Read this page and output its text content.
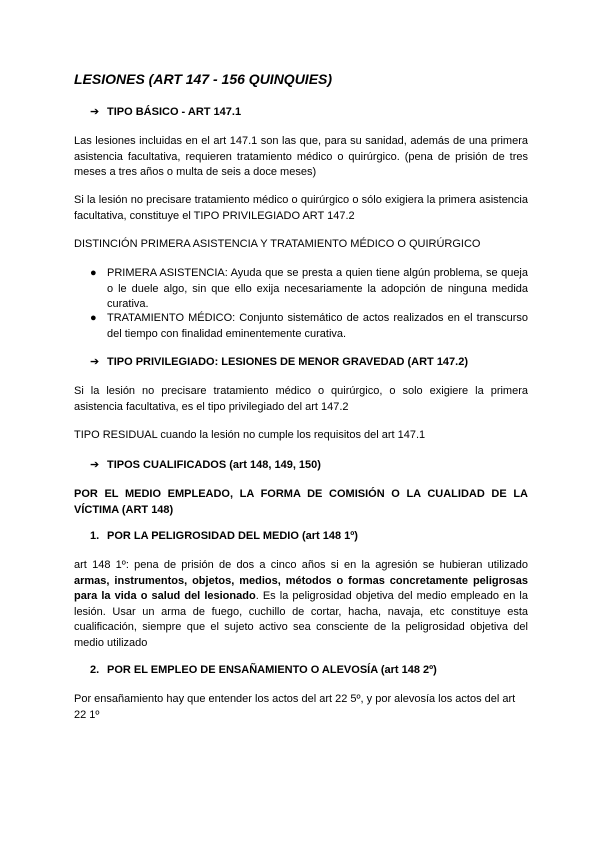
LESIONES (ART 147 - 156 QUINQUIES)

➔ TIPO BÁSICO - ART 147.1

Las lesiones incluidas en el art 147.1 son las que, para su sanidad, además de una primera asistencia facultativa, requieren tratamiento médico o quirúrgico. (pena de prisión de tres meses a tres años o multa de seis a doce meses)

Si la lesión no precisare tratamiento médico o quirúrgico o sólo exigiera la primera asistencia facultativa, constituye el TIPO PRIVILEGIADO ART 147.2

DISTINCIÓN PRIMERA ASISTENCIA Y TRATAMIENTO MÉDICO O QUIRÚRGICO

● PRIMERA ASISTENCIA: Ayuda que se presta a quien tiene algún problema, se queja o le duele algo, sin que ello exija necesariamente la adopción de ninguna medida curativa.
● TRATAMIENTO MÉDICO: Conjunto sistemático de actos realizados en el transcurso del tiempo con finalidad eminentemente curativa.

➔ TIPO PRIVILEGIADO: LESIONES DE MENOR GRAVEDAD (ART 147.2)

Si la lesión no precisare tratamiento médico o quirúrgico, o solo exigiere la primera asistencia facultativa, es el tipo privilegiado del art 147.2

TIPO RESIDUAL cuando la lesión no cumple los requisitos del art 147.1

➔ TIPOS CUALIFICADOS (art 148, 149, 150)

POR EL MEDIO EMPLEADO, LA FORMA DE COMISIÓN O LA CUALIDAD DE LA VÍCTIMA (ART 148)

1. POR LA PELIGROSIDAD DEL MEDIO (art 148 1º)

art 148 1º: pena de prisión de dos a cinco años si en la agresión se hubieran utilizado armas, instrumentos, objetos, medios, métodos o formas concretamente peligrosas para la vida o salud del lesionado. Es la peligrosidad objetiva del medio empleado en la lesión. Usar un arma de fuego, cuchillo de cortar, hacha, navaja, etc constituye esta cualificación, siempre que el sujeto activo sea consciente de la peligrosidad objetiva del medio utilizado

2. POR EL EMPLEO DE ENSAÑAMIENTO O ALEVOSÍA (art 148 2º)

Por ensañamiento hay que entender los actos del art 22 5º, y por alevosía los actos del art 22 1º
